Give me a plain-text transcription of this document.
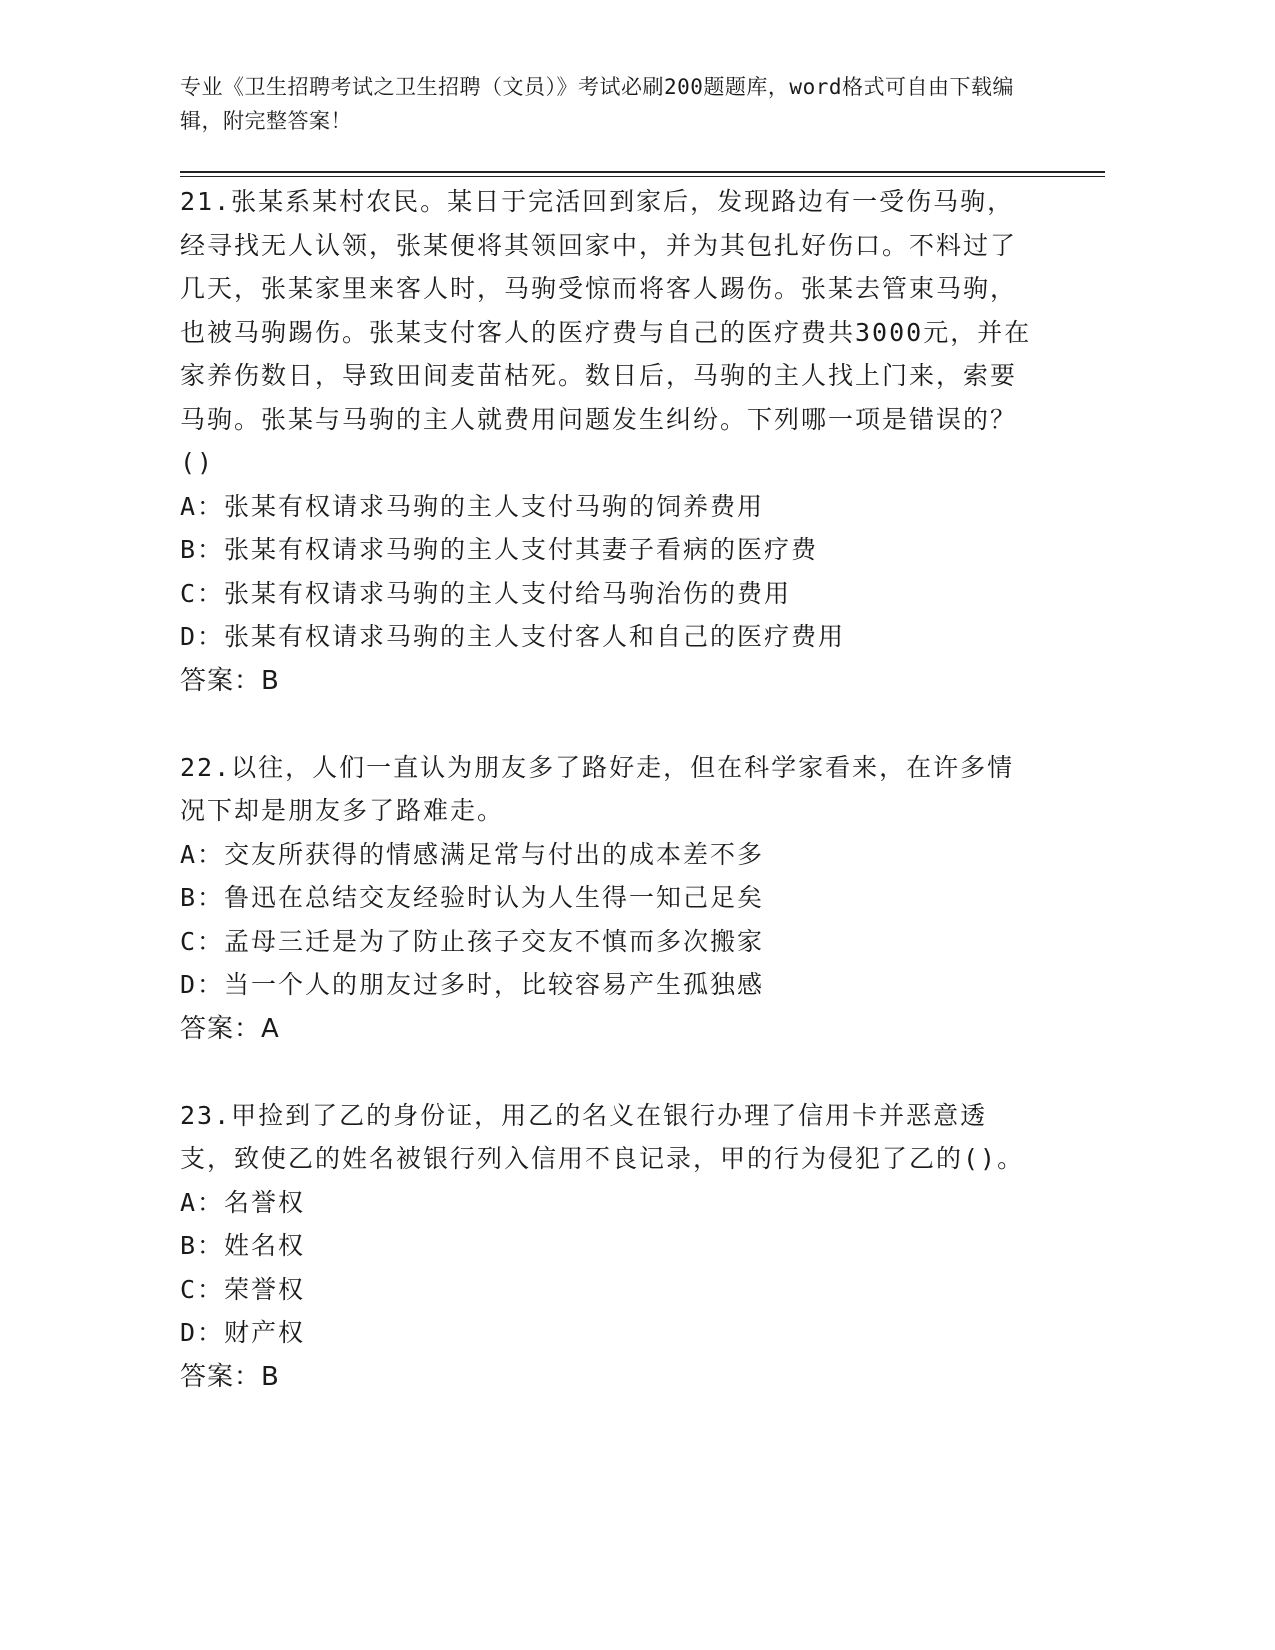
专业《卫生招聘考试之卫生招聘（文员）》考试必刷200题题库，word格式可自由下载编辑，附完整答案！

21.张某系某村农民。某日于完活回到家后，发现路边有一受伤马驹，经寻找无人认领，张某便将其领回家中，并为其包扎好伤口。不料过了几天，张某家里来客人时，马驹受惊而将客人踢伤。张某去管束马驹，也被马驹踢伤。张某支付客人的医疗费与自己的医疗费共3000元，并在家养伤数日，导致田间麦苗枯死。数日后，马驹的主人找上门来，索要马驹。张某与马驹的主人就费用问题发生纠纷。下列哪一项是错误的？()

A：张某有权请求马驹的主人支付马驹的饲养费用

B：张某有权请求马驹的主人支付其妻子看病的医疗费

C：张某有权请求马驹的主人支付给马驹治伤的费用

D：张某有权请求马驹的主人支付客人和自己的医疗费用

答案：B

22.以往，人们一直认为朋友多了路好走，但在科学家看来，在许多情况下却是朋友多了路难走。

A：交友所获得的情感满足常与付出的成本差不多

B：鲁迅在总结交友经验时认为人生得一知己足矣

C：孟母三迁是为了防止孩子交友不慎而多次搬家

D：当一个人的朋友过多时，比较容易产生孤独感

答案：A

23.甲捡到了乙的身份证，用乙的名义在银行办理了信用卡并恶意透支，致使乙的姓名被银行列入信用不良记录，甲的行为侵犯了乙的()。

A：名誉权

B：姓名权

C：荣誉权

D：财产权

答案：B
